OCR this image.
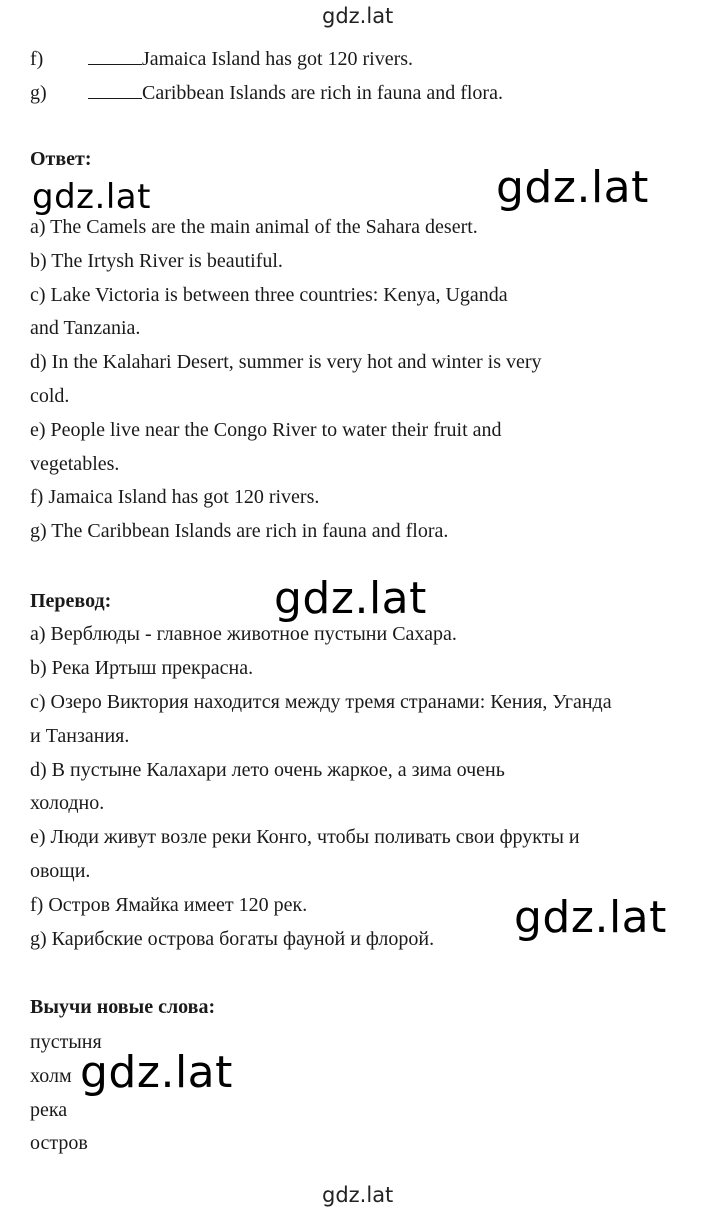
gdz.lat
f)	Jamaica Island has got 120 rivers.
g)	Caribbean Islands are rich in fauna and flora.
Ответ:
gdz.lat	gdz.lat
a) The Camels are the main animal of the Sahara desert.
b) The Irtysh River is beautiful.
c) Lake Victoria is between three countries: Kenya, Uganda
and Tanzania.
d) In the Kalahari Desert, summer is very hot and winter is very
cold.
e) People live near the Congo River to water their fruit and
vegetables.
f) Jamaica Island has got 120 rivers.
g) The Caribbean Islands are rich in fauna and flora.
Перевод:	gdz.lat
a) Верблюды - главное животное пустыни Сахара.
b) Река Иртыш прекрасна.
c) Озеро Виктория находится между тремя странами: Кения, Уганда
и Танзания.
d) В пустыне Калахари лето очень жаркое, а зима очень
холодно.
e) Люди живут возле реки Конго, чтобы поливать свои фрукты и
овощи.
f) Остров Ямайка имеет 120 рек.
g) Карибские острова богаты фауной и флорой. gdz.lat
Выучи новые слова:
пустыня
холм
река
остров
gdz.lat
gdz.lat
